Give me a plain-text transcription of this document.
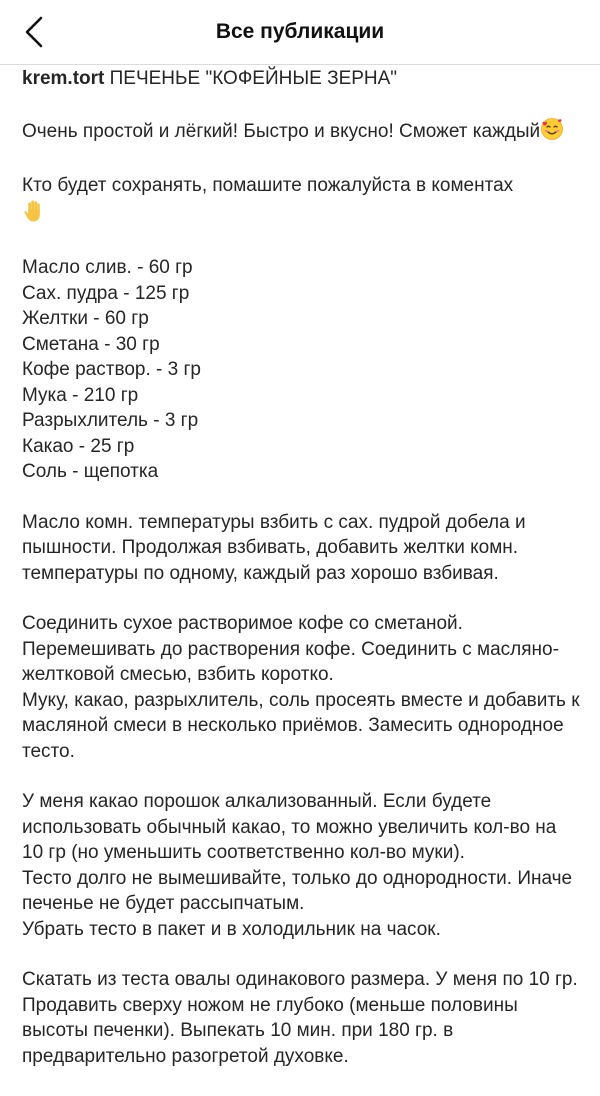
Все публикации

krem.tort ПЕЧЕНЬЕ "КОФЕЙНЫЕ ЗЕРНА"

Очень простой и лёгкий! Быстро и вкусно! Сможет каждый

Кто будет сохранять, помашите пожалуйста в коментах

Масло слив. - 60 гр
Сах. пудра - 125 гр
Желтки - 60 гр
Сметана - 30 гр
Кофе раствор. - 3 гр
Мука - 210 гр
Разрыхлитель - 3 гр
Какао - 25 гр
Соль - щепотка

Масло комн. температуры взбить с сах. пудрой добела и пышности. Продолжая взбивать, добавить желтки комн. температуры по одному, каждый раз хорошо взбивая.

Соединить сухое растворимое кофе со сметаной. Перемешивать до растворения кофе. Соединить с масляно-желтковой смесью, взбить коротко.

Муку, какао, разрыхлитель, соль просеять вместе и добавить к масляной смеси в несколько приёмов. Замесить однородное тесто.

У меня какао порошок алкализованный. Если будете использовать обычный какао, то можно увеличить кол-во на 10 гр (но уменьшить соответственно кол-во муки).

Тесто долго не вымешивайте, только до однородности. Иначе печенье не будет рассыпчатым.

Убрать тесто в пакет и в холодильник на часок.

Скатать из теста овалы одинакового размера. У меня по 10 гр. Продавить сверху ножом не глубоко (меньше половины высоты печенки). Выпекать 10 мин. при 180 гр. в предварительно разогретой духовке.
